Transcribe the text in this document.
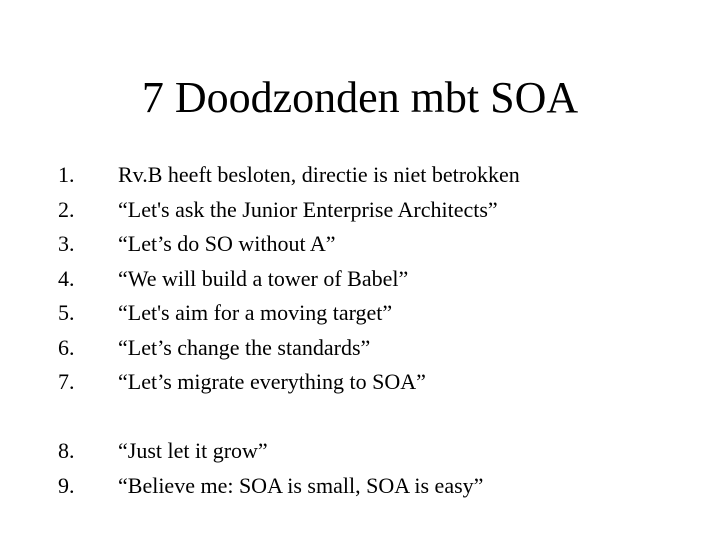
7 Doodzonden mbt SOA
1.	Rv.B heeft besloten, directie is niet betrokken
2.	“Let's ask the Junior Enterprise Architects”
3.	“Let’s do SO without A”
4.	“We will build a tower of Babel”
5.	“Let's aim for a moving target”
6.	“Let’s change the standards”
7.	“Let’s migrate everything to SOA”
8.	“Just let it grow”
9.	“Believe me: SOA is small, SOA is easy”
